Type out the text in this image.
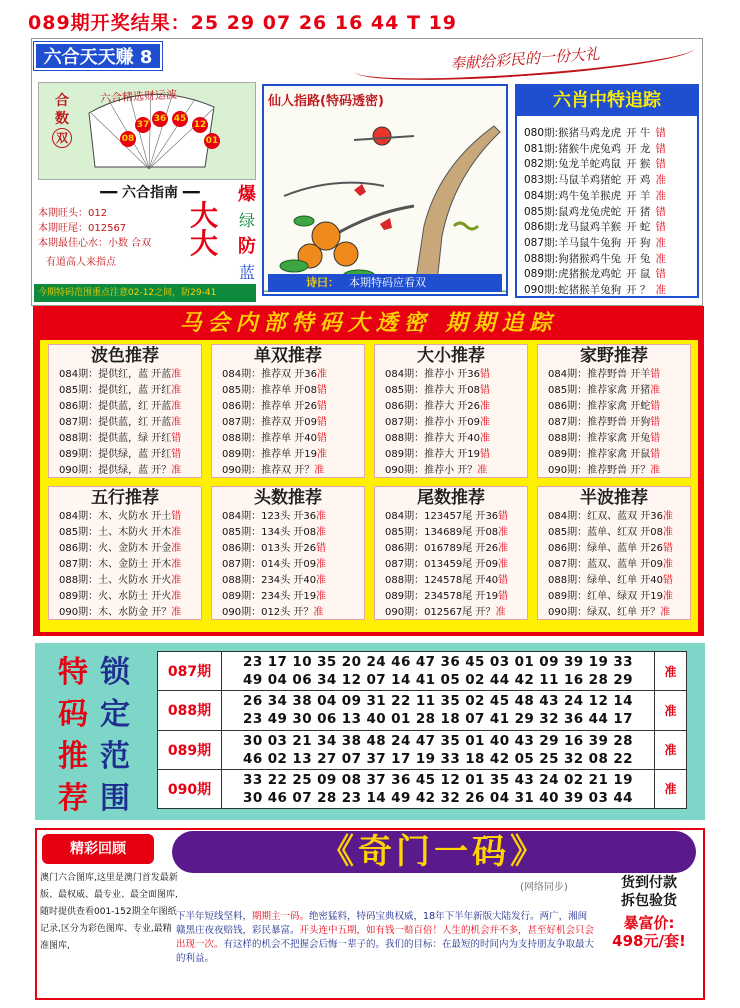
089期开奖结果：25 29 07 26 16 44 T 19
六合天天赚 8	奉献给彩民的一份大礼
六合精选财运波
合
数
双
37
36 45
12
08	01
━━ 六合指南 ━━
本期旺头：012
本期旺尾：012567
本期最佳心水：小数 合双
有道高人来指点
大
大
爆
绿
防
蓝
今期特码范围重点注意02-12之间，防29-41
仙人指路(特码透密)
诗曰： 本期特码应看双
六肖中特追踪
080期:猴猪马鸡龙虎 开 牛 错
081期:猪猴牛虎兔鸡 开 龙 错
082期:兔龙羊蛇鸡鼠 开 猴 错
083期:马鼠羊鸡猪蛇 开 鸡 准
084期:鸡牛兔羊猴虎 开 羊 准
085期:鼠鸡龙兔虎蛇 开 猪 错
086期:龙马鼠鸡羊猴 开 蛇 错
087期:羊马鼠牛兔狗 开 狗 准
088期:狗猪猴鸡牛兔 开 兔 准
089期:虎猪猴龙鸡蛇 开 鼠 错
090期:蛇猪猴羊兔狗 开 ？ 准
马会内部特码大透密 期期追踪
波色推荐
084期：提供红，蓝 开蓝准
085期：提供红，蓝 开红准
086期：提供蓝，红 开蓝准
087期：提供蓝，红 开蓝准
088期：提供蓝，绿 开红错
089期：提供绿，蓝 开红错
090期：提供绿，蓝 开？准
单双推荐
084期：推荐双 开36准
085期：推荐单 开08错
086期：推荐单 开26错
087期：推荐双 开09错
088期：推荐单 开40错
089期：推荐单 开19准
090期：推荐双 开？准
大小推荐
084期：推荐小 开36错
085期：推荐大 开08错
086期：推荐大 开26准
087期：推荐小 开09准
088期：推荐大 开40准
089期：推荐大 开19错
090期：推荐小 开？准
家野推荐
084期：推荐野兽 开羊错
085期：推荐家禽 开猪准
086期：推荐家禽 开蛇错
087期：推荐野兽 开狗错
088期：推荐家禽 开兔错
089期：推荐家禽 开鼠错
090期：推荐野兽 开？准
五行推荐
084期：木、火防水 开土错
085期：土、木防火 开木准
086期：火、金防木 开金准
087期：木、金防土 开木准
088期：土、火防水 开火准
089期：火、水防土 开火准
090期：木、水防金 开？准
头数推荐
084期：123头 开36准
085期：134头 开08准
086期：013头 开26错
087期：014头 开09准
088期：234头 开40准
089期：234头 开19准
090期：012头 开？准
尾数推荐
084期：123457尾 开36错
085期：134689尾 开08准
086期：016789尾 开26准
087期：013459尾 开09准
088期：124578尾 开40错
089期：234578尾 开19错
090期：012567尾 开？准
半波推荐
084期：红双、蓝双 开36准
085期：蓝单、红双 开08准
086期：绿单、蓝单 开26错
087期：蓝双、蓝单 开09准
088期：绿单、红单 开40错
089期：红单、绿双 开19准
090期：绿双、红单 开？准
特
码
推
荐
锁
定
范
围
087期	23 17 10 35 20 24 46 47 36 45 03 01 09 39 19 33
49 04 06 34 12 07 14 41 05 02 44 42 11 16 28 29	准
088期	26 34 38 04 09 31 22 11 35 02 45 48 43 24 12 14
23 49 30 06 13 40 01 28 18 07 41 29 32 36 44 17	准
089期	30 03 21 34 38 48 24 47 35 01 40 43 29 16 39 28
46 02 13 27 07 37 17 19 33 18 42 05 25 32 08 22	准
090期	33 22 25 09 08 37 36 45 12 01 35 43 24 02 21 19
30 46 07 28 23 14 49 42 32 26 04 31 40 39 03 44	准
精彩回顾
澳门六合图库,这里是澳门首发最新版、最权威、最专业、最全面图库,随时提供查看001-152期全年图纸记录,区分为彩色图库、专业,最精准图库,
《奇门一码》
(网络同步)	货到付款
拆包验货
暴富价:
498元/套!
下半年短线坚料，期期主一码。绝密猛料，特码宝典权威，18年下半年新版大陆发行。两广，湘闽赣黑庄夜夜赔钱，彩民暴富。开头连中五期，如有钱一赔百倍！人生的机会并不多，甚至好机会只会出现一次。有这样的机会不把握会后悔一辈子的。我们的目标：在最短的时间内为支持朋友争取最大的利益。
